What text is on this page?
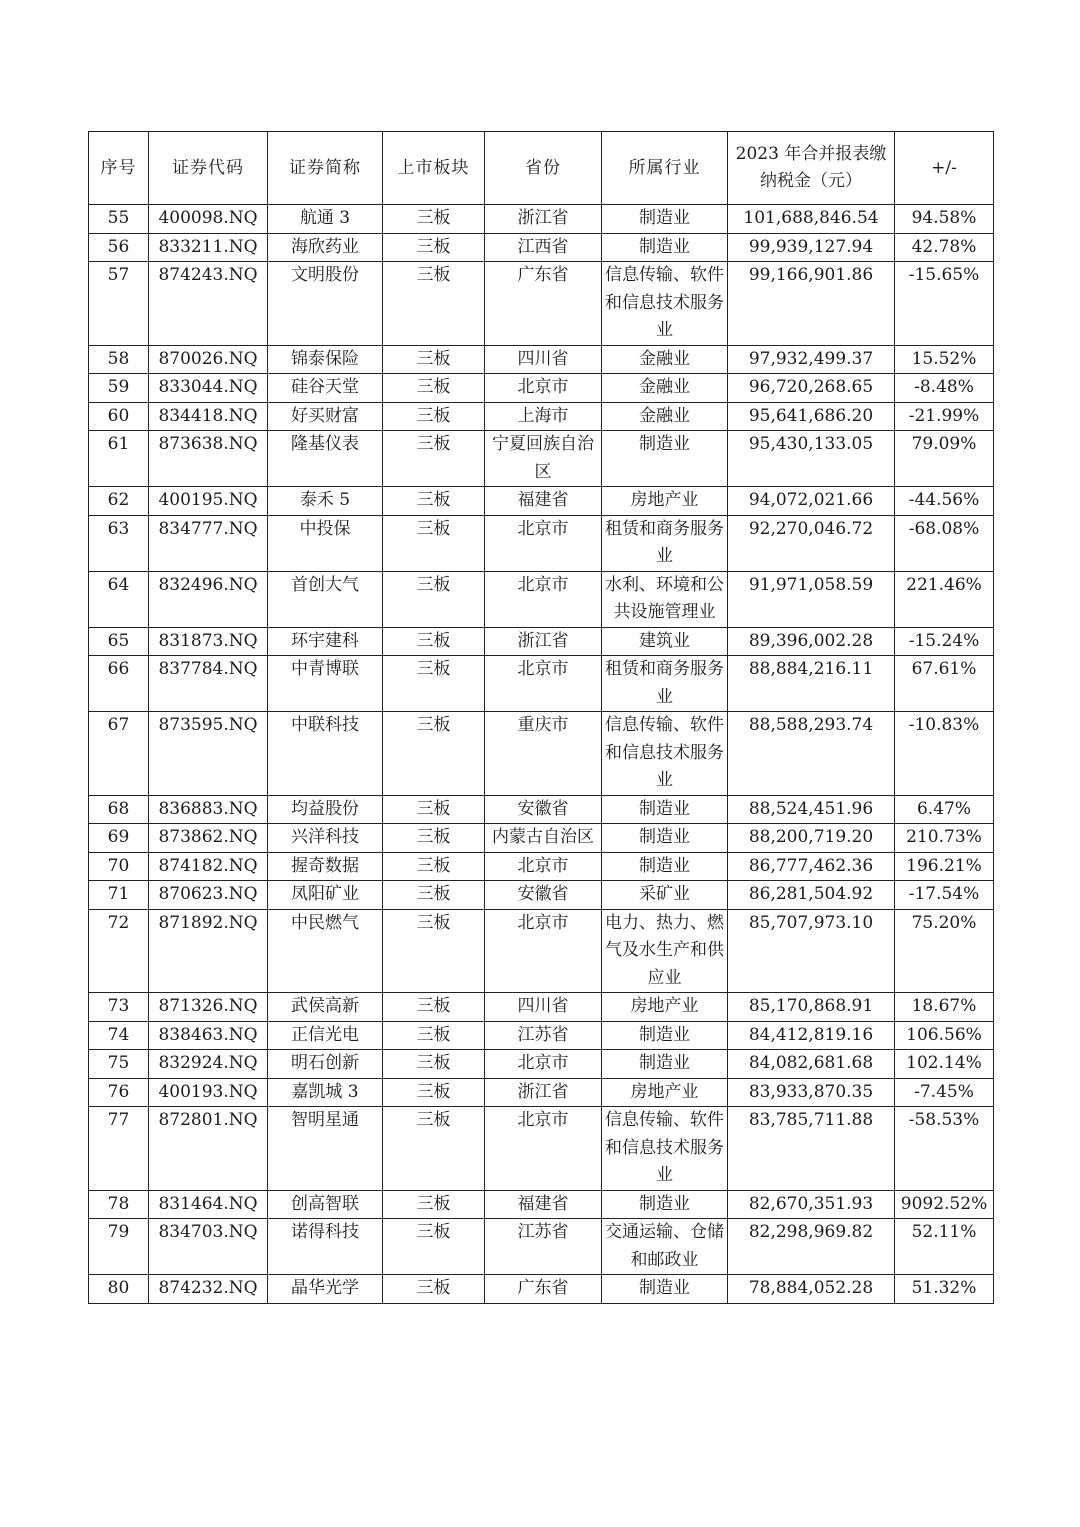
序号	证券代码	证券简称	上市板块	省份	所属行业	2023 年合并报表缴纳税金（元）	+/-
55	400098.NQ	航通 3	三板	浙江省	制造业	101,688,846.54	94.58%
56	833211.NQ	海欣药业	三板	江西省	制造业	99,939,127.94	42.78%
57	874243.NQ	文明股份	三板	广东省	信息传输、软件和信息技术服务业	99,166,901.86	-15.65%
58	870026.NQ	锦泰保险	三板	四川省	金融业	97,932,499.37	15.52%
59	833044.NQ	硅谷天堂	三板	北京市	金融业	96,720,268.65	-8.48%
60	834418.NQ	好买财富	三板	上海市	金融业	95,641,686.20	-21.99%
61	873638.NQ	隆基仪表	三板	宁夏回族自治区	制造业	95,430,133.05	79.09%
62	400195.NQ	泰禾 5	三板	福建省	房地产业	94,072,021.66	-44.56%
63	834777.NQ	中投保	三板	北京市	租赁和商务服务业	92,270,046.72	-68.08%
64	832496.NQ	首创大气	三板	北京市	水利、环境和公共设施管理业	91,971,058.59	221.46%
65	831873.NQ	环宇建科	三板	浙江省	建筑业	89,396,002.28	-15.24%
66	837784.NQ	中青博联	三板	北京市	租赁和商务服务业	88,884,216.11	67.61%
67	873595.NQ	中联科技	三板	重庆市	信息传输、软件和信息技术服务业	88,588,293.74	-10.83%
68	836883.NQ	均益股份	三板	安徽省	制造业	88,524,451.96	6.47%
69	873862.NQ	兴洋科技	三板	内蒙古自治区	制造业	88,200,719.20	210.73%
70	874182.NQ	握奇数据	三板	北京市	制造业	86,777,462.36	196.21%
71	870623.NQ	凤阳矿业	三板	安徽省	采矿业	86,281,504.92	-17.54%
72	871892.NQ	中民燃气	三板	北京市	电力、热力、燃气及水生产和供应业	85,707,973.10	75.20%
73	871326.NQ	武侯高新	三板	四川省	房地产业	85,170,868.91	18.67%
74	838463.NQ	正信光电	三板	江苏省	制造业	84,412,819.16	106.56%
75	832924.NQ	明石创新	三板	北京市	制造业	84,082,681.68	102.14%
76	400193.NQ	嘉凯城 3	三板	浙江省	房地产业	83,933,870.35	-7.45%
77	872801.NQ	智明星通	三板	北京市	信息传输、软件和信息技术服务业	83,785,711.88	-58.53%
78	831464.NQ	创高智联	三板	福建省	制造业	82,670,351.93	9092.52%
79	834703.NQ	诺得科技	三板	江苏省	交通运输、仓储和邮政业	82,298,969.82	52.11%
80	874232.NQ	晶华光学	三板	广东省	制造业	78,884,052.28	51.32%
